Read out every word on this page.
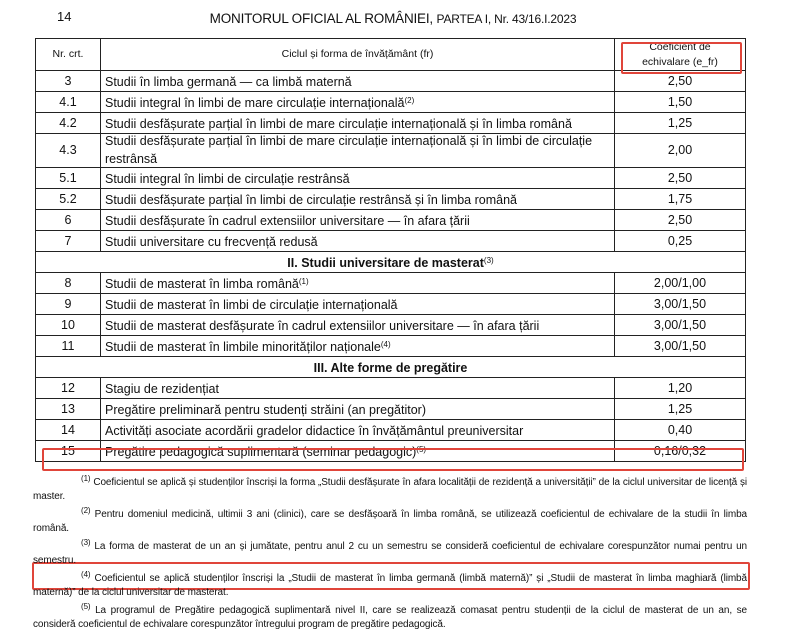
14	MONITORUL OFICIAL AL ROMÂNIEI, PARTEA I, Nr. 43/16.I.2023
Nr. crt.	Ciclul și forma de învățământ (fr)	Coeficient de echivalare (e_fr)
3	Studii în limba germană — ca limbă maternă	2,50
4.1	Studii integral în limbi de mare circulație internațională$^{(2)}$	1,50
4.2	Studii desfășurate parțial în limbi de mare circulație internațională și în limba română	1,25
4.3	Studii desfășurate parțial în limbi de mare circulație internațională și în limbi de circulație restrânsă	2,00
5.1	Studii integral în limbi de circulație restrânsă	2,50
5.2	Studii desfășurate parțial în limbi de circulație restrânsă și în limba română	1,75
6	Studii desfășurate în cadrul extensiilor universitare — în afara țării	2,50
7	Studii universitare cu frecvență redusă	0,25
II. Studii universitare de masterat$^{(3)}$
8	Studii de masterat în limba română$^{(1)}$	2,00/1,00
9	Studii de masterat în limbi de circulație internațională	3,00/1,50
10	Studii de masterat desfășurate în cadrul extensiilor universitare — în afara țării	3,00/1,50
11	Studii de masterat în limbile minorităților naționale$^{(4)}$	3,00/1,50
III. Alte forme de pregătire		
12	Stagiu de rezidențiat	1,20
13	Pregătire preliminară pentru studenți străini (an pregătitor)	1,25
14	Activități asociate acordării gradelor didactice în învățământul preuniversitar	0,40
15	Pregătire pedagogică suplimentară (seminar pedagogic)$^{(5)}$	0,16/0,32

$^{(1)}$ Coeficientul se aplică și studenților înscriși la forma „Studii desfășurate în afara localității de rezidență a universității” de la ciclul universitar de licență și master.

$^{(2)}$ Pentru domeniul medicină, ultimii 3 ani (clinici), care se desfășoară în limba română, se utilizează coeficientul de echivalare de la studii în limba română.

$^{(3)}$ La forma de masterat de un an și jumătate, pentru anul 2 cu un semestru se consideră coeficientul de echivalare corespunzător numai pentru un semestru.

$^{(4)}$ Coeficientul se aplică studenților înscriși la „Studii de masterat în limba germană (limbă maternă)” și „Studii de masterat în limba maghiară (limbă maternă)” de la ciclul universitar de masterat.

$^{(5)}$ La programul de Pregătire pedagogică suplimentară nivel II, care se realizează comasat pentru studenții de la ciclul de masterat de un an, se consideră coeficientul de echivalare corespunzător întregului program de pregătire pedagogică.
